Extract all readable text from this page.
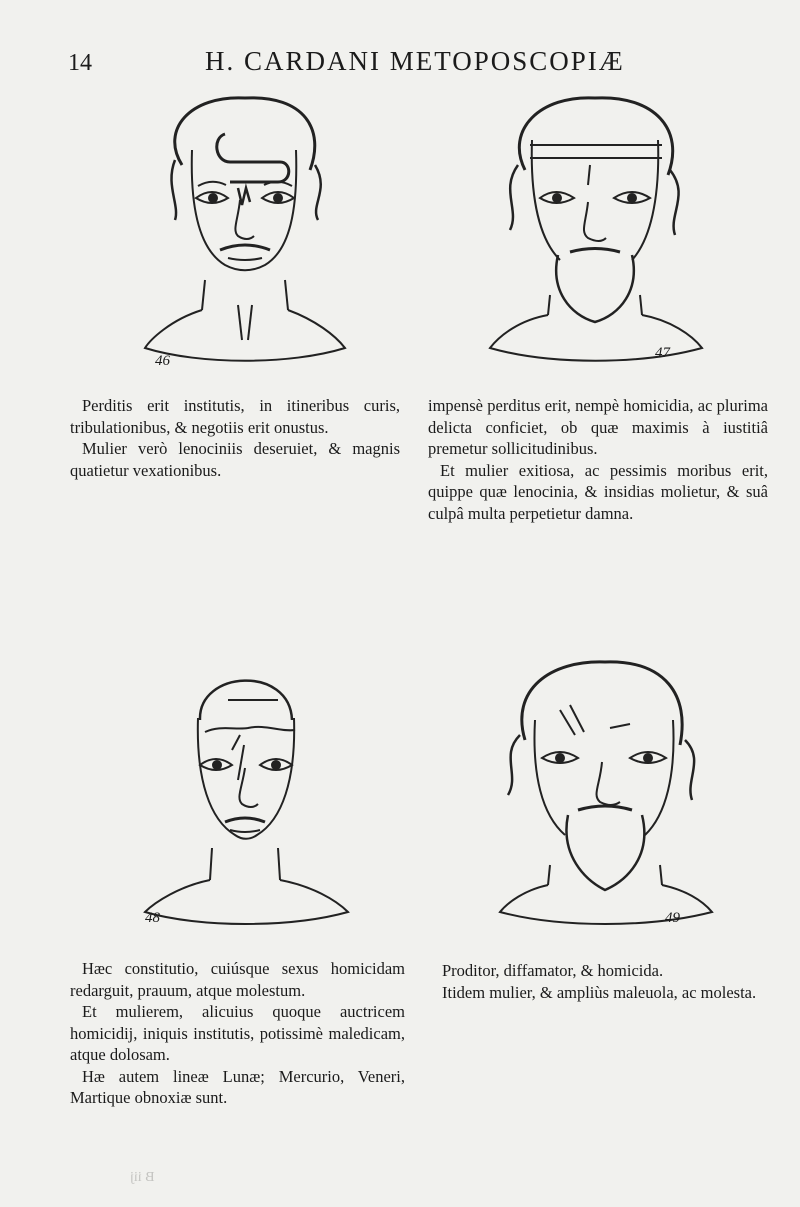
14	H. CARDANI METOPOSCOPIÆ
46	47

Perditis erit institutis, in itineribus curis, tribulationibus, & negotiis erit onustus.

Mulier verò lenociniis deseruiet, & magnis quatietur vexationibus.

impensè perditus erit, nempè homicidia, ac plurima delicta conficiet, ob quæ maximis à iustitiâ premetur sollicitudinibus.

Et mulier exitiosa, ac pessimis moribus erit, quippe quæ lenocinia, & insidias molietur, & suâ culpâ multa perpetietur damna.

48	49

Hæc constitutio, cuiúsque sexus homicidam redarguit, prauum, atque molestum.

Et mulierem, alicuius quoque auctricem homicidij, iniquis institutis, potissimè maledicam, atque dolosam.

Hæ autem lineæ Lunæ; Mercurio, Veneri, Martique obnoxiæ sunt.

Proditor, diffamator, & homicida.

Itidem mulier, & ampliùs maleuola, ac molesta.

B iij
